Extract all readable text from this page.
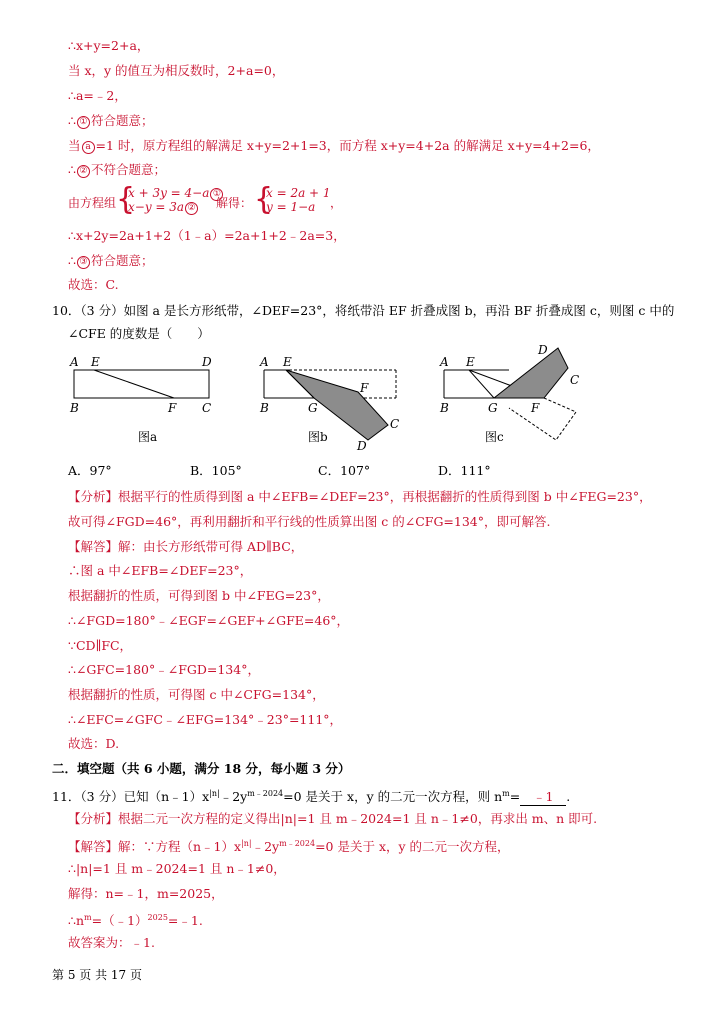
∴x+y=2+a，
当 x，y 的值互为相反数时，2+a=0，
∴a=﹣2，
∴ ① 符合题意；
当 a =1 时，原方程组的解满足 x+y=2+1=3，而方程 x+y=4+2a 的解满足 x+y=4+2=6，
∴ ② 不符合题意；
由方程组 {
x + 3y = 4−a ①
x−y = 3a ② 解得： {
x = 2a + 1
y = 1−a ，
∴x+2y=2a+1+2（1﹣a）=2a+1+2﹣2a=3，
∴ ③ 符合题意；
故选：C.
10．（3 分）如图 a 是长方形纸带，∠DEF=23°，将纸带沿 EF 折叠成图 b，再沿 BF 折叠成图 c，则图 c 中的
∠CFE 的度数是（　　）
A E	D
B	F C
图a
A E
F
B	G
C
D
图b
A E
D
C
B	G	F
图c
A．97°	B．105°	C．107°	D．111°
【分析】根据平行的性质得到图 a 中∠EFB=∠DEF=23°，再根据翻折的性质得到图 b 中∠FEG=23°，
故可得∠FGD=46°，再利用翻折和平行线的性质算出图 c 的∠CFG=134°，即可解答.
【解答】解：由长方形纸带可得 AD∥BC，
∴图 a 中∠EFB=∠DEF=23°，
根据翻折的性质，可得到图 b 中∠FEG=23°，
∴∠FGD=180°﹣∠EGF=∠GEF+∠GFE=46°，
∵CD∥FC，
∴∠GFC=180°﹣∠FGD=134°，
根据翻折的性质，可得图 c 中∠CFG=134°，
∴∠EFC=∠GFC﹣∠EFG=134°﹣23°=111°，
故选：D.
二．填空题（共 6 小题，满分 18 分，每小题 3 分）
11．（3 分）已知$(n﹣1)x^{|n|}﹣2y^{m﹣2024}=0$ 是关于 x，y 的二元一次方程，则 $n^m=$ ﹣1 .
【分析】根据二元一次方程的定义得出|n|=1 且 m﹣2024=1 且 n﹣1≠0，再求出 m、n 即可.
【解答】解：∵方程$(n﹣1)x^{|n|}﹣2y^{m﹣2024}=0$ 是关于 x，y 的二元一次方程，
∴|n|=1 且 m﹣2024=1 且 n﹣1≠0，
解得：n=﹣1，m=2025，
$\therefore n^m=(﹣1)^{2025}=﹣1$.
故答案为：﹣1.
第 5 页 共 17 页
